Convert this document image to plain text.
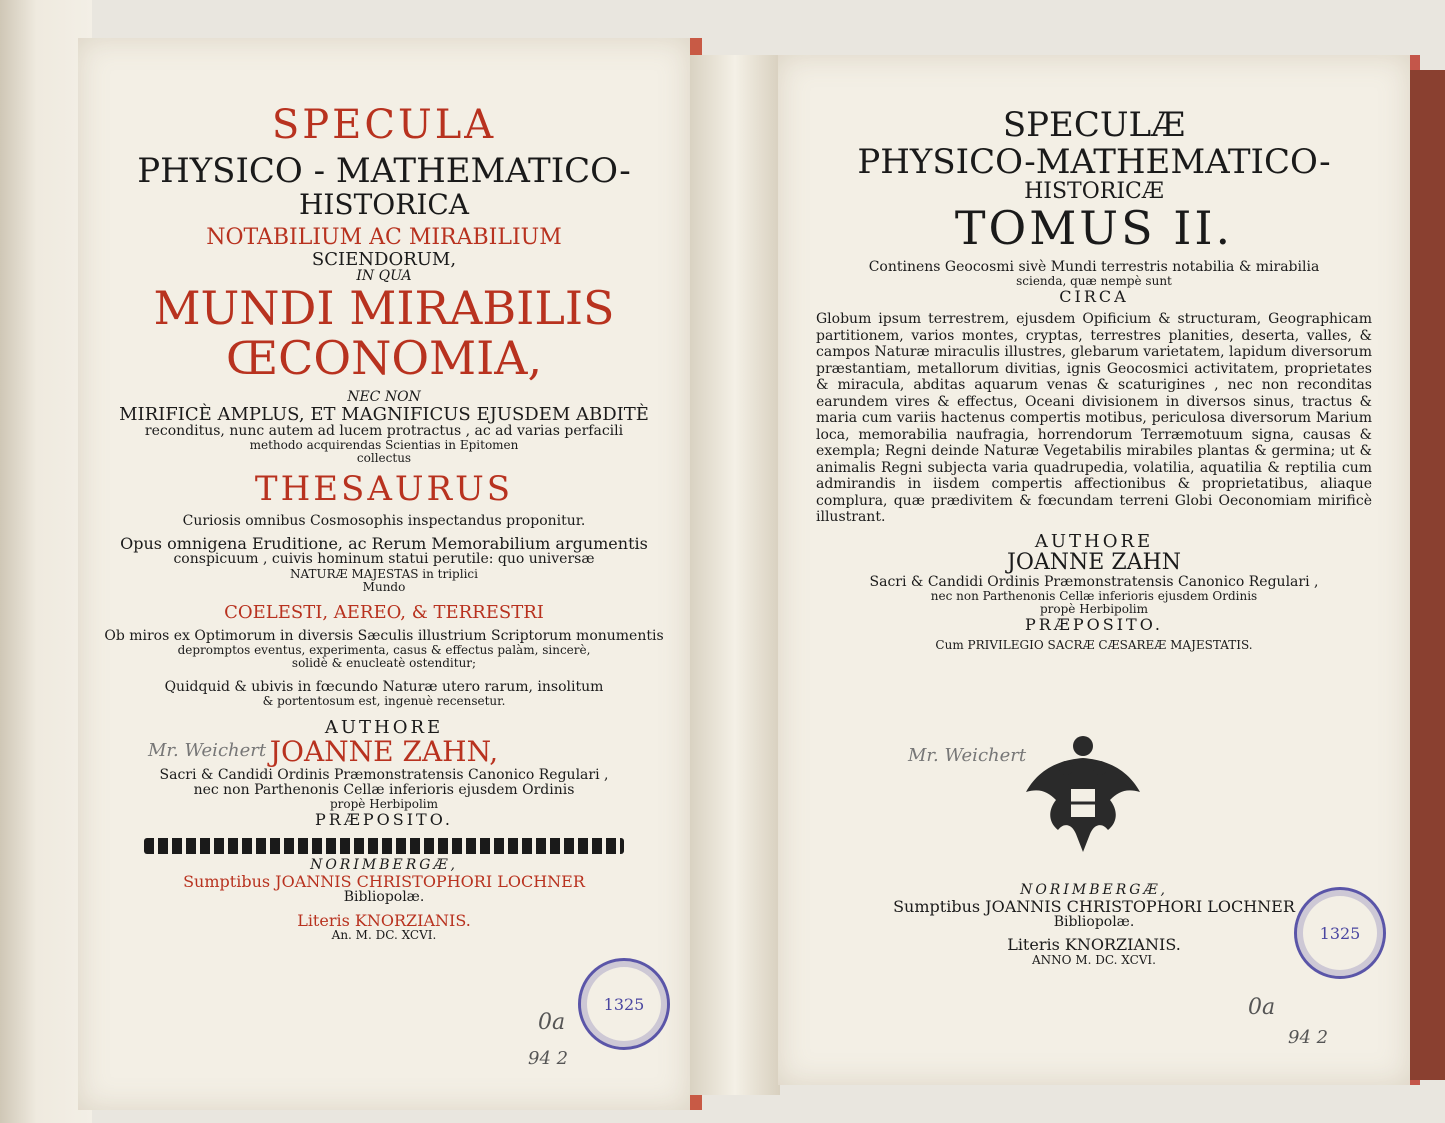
SPECULA
PHYSICO - MATHEMATICO-
HISTORICA
NOTABILIUM AC MIRABILIUM
SCIENDORUM,
IN QUA
MUNDI MIRABILIS
ŒCONOMIA,
NEC NON
MIRIFICÈ AMPLUS, ET MAGNIFICUS EJUSDEM ABDITÈ
reconditus, nunc autem ad lucem protractus , ac ad varias perfacili
methodo acquirendas Scientias in Epitomen
collectus
THESAURUS
Curiosis omnibus Cosmosophis inspectandus proponitur.
Opus omnigena Eruditione, ac Rerum Memorabilium argumentis
conspicuum , cuivis hominum statui perutile: quo universæ
NATURÆ MAJESTAS in triplici
Mundo
COELESTI, AEREO, & TERRESTRI
Ob miros ex Optimorum in diversis Sæculis illustrium Scriptorum monumentis
depromptos eventus, experimenta, casus & effectus palàm, sincerè,
solidè & enucleatè ostenditur;
Quidquid & ubivis in fœcundo Naturæ utero rarum, insolitum
& portentosum est, ingenuè recensetur.
AUTHORE
JOANNE ZAHN,
Sacri & Candidi Ordinis Præmonstratensis Canonico Regulari ,
nec non Parthenonis Cellæ inferioris ejusdem Ordinis
propè Herbipolim
PRÆPOSITO.
NORIMBERGÆ,
Sumptibus JOANNIS CHRISTOPHORI LOCHNER
Bibliopolæ.
Literis KNORZIANIS.
An. M. DC. XCVI.
Mr. Weichert
1325
0a
94 2
SPECULÆ
PHYSICO-MATHEMATICO-
HISTORICÆ
TOMUS II.
Continens Geocosmi sivè Mundi terrestris notabilia & mirabilia
scienda, quæ nempè sunt
CIRCA
Globum ipsum terrestrem, ejusdem Opificium & structuram, Geographicam partitionem, varios montes, cryptas, terrestres planities, deserta, valles, & campos Naturæ miraculis illustres, glebarum varietatem, lapidum diversorum præstantiam, metallorum divitias, ignis Geocosmici activitatem, proprietates & miracula, abditas aquarum venas & scaturigines , nec non reconditas earundem vires & effectus, Oceani divisionem in diversos sinus, tractus & maria cum variis hactenus compertis motibus, periculosa diversorum Marium loca, memorabilia naufragia, horrendorum Terræmotuum signa, causas & exempla; Regni deinde Naturæ Vegetabilis mirabiles plantas & germina; ut & animalis Regni subjecta varia quadrupedia, volatilia, aquatilia & reptilia cum admirandis in iisdem compertis affectionibus & proprietatibus, aliaque complura, quæ prædivitem & fœcundam terreni Globi Oeconomiam mirificè illustrant.
AUTHORE
JOANNE ZAHN
Sacri & Candidi Ordinis Præmonstratensis Canonico Regulari ,
nec non Parthenonis Cellæ inferioris ejusdem Ordinis
propè Herbipolim
PRÆPOSITO.
Cum PRIVILEGIO SACRÆ CÆSAREÆ MAJESTATIS.
Mr. Weichert
NORIMBERGÆ,
Sumptibus JOANNIS CHRISTOPHORI LOCHNER
Bibliopolæ.
Literis KNORZIANIS.
ANNO M. DC. XCVI.
1325
0a
94 2
